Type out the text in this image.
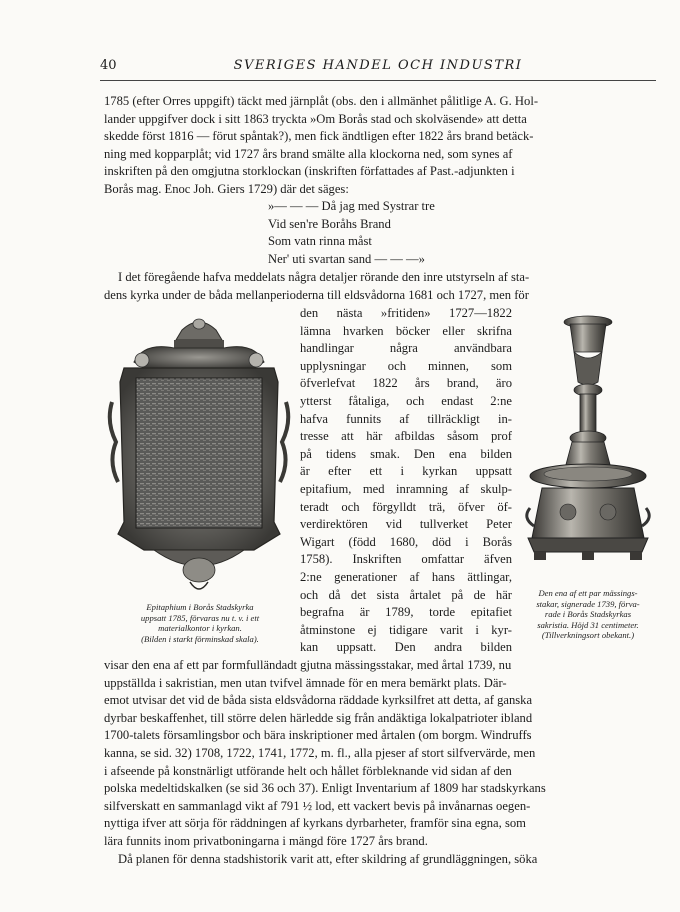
40	SVERIGES HANDEL OCH INDUSTRI

1785 (efter Orres uppgift) täckt med järnplåt (obs. den i allmänhet pålitlige A. G. Hol-

lander uppgifver dock i sitt 1863 tryckta »Om Borås stad och skolväsende» att detta

skedde först 1816 — förut spåntak?), men fick ändtligen efter 1822 års brand betäck-

ning med kopparplåt; vid 1727 års brand smälte alla klockorna ned, som synes af

inskriften på den omgjutna storklockan (inskriften författades af Past.-adjunkten i

Borås mag. Enoc Joh. Giers 1729) där det säges:

»— — — Då jag med Systrar tre
Vid sen're Boråhs Brand
Som vatn rinna måst
Ner' uti svartan sand — — —»

I det föregående hafva meddelats några detaljer rörande den inre utstyrseln af sta-

dens kyrka under de båda mellanperioderna till eldsvådorna 1681 och 1727, men för

Epitaphium i Borås Stadskyrka
uppsatt 1785, förvaras nu t. v. i ett
materialkontor i kyrkan.
(Bilden i starkt förminskad skala).
den nästa »fritiden» 1727—1822
lämna hvarken böcker eller skrifna
handlingar några användbara
upplysningar och minnen, som
öfverlefvat 1822 års brand, äro
ytterst fåtaliga, och endast 2:ne
hafva funnits af tillräckligt in-
tresse att här afbildas såsom prof
på tidens smak. Den ena bilden
är efter ett i kyrkan uppsatt
epitafium, med inramning af skulp-
teradt och förgylldt trä, öfver öf-
verdirektören vid tullverket Peter
Wigart (född 1680, död i Borås
1758). Inskriften omfattar äfven
2:ne generationer af hans ättlingar,
och då det sista årtalet på de här
begrafna är 1789, torde epitafiet
åtminstone ej tidigare varit i kyr-
kan uppsatt. Den andra bilden
Den ena af ett par mässings-
stakar, signerade 1739, förva-
rade i Borås Stadskyrkas
sakristia. Höjd 31 centimeter.
(Tillverkningsort obekant.)

visar den ena af ett par formfulländadt gjutna mässingsstakar, med årtal 1739, nu

uppställda i sakristian, men utan tvifvel ämnade för en mera bemärkt plats. Där-

emot utvisar det vid de båda sista eldsvådorna räddade kyrksilfret att detta, af ganska

dyrbar beskaffenhet, till större delen härledde sig från andäktiga lokalpatrioter ibland

1700-talets församlingsbor och bära inskriptioner med årtalen (om borgm. Windruffs

kanna, se sid. 32) 1708, 1722, 1741, 1772, m. fl., alla pjeser af stort silfvervärde, men

i afseende på konstnärligt utförande helt och hållet förbleknande vid sidan af den

polska medeltidskalken (se sid 36 och 37). Enligt Inventarium af 1809 har stadskyrkans

silfverskatt en sammanlagd vikt af 791 ½ lod, ett vackert bevis på invånarnas oegen-

nyttiga ifver att sörja för räddningen af kyrkans dyrbarheter, framför sina egna, som

lära funnits inom privatboningarna i mängd före 1727 års brand.

Då planen för denna stadshistorik varit att, efter skildring af grundläggningen, söka
